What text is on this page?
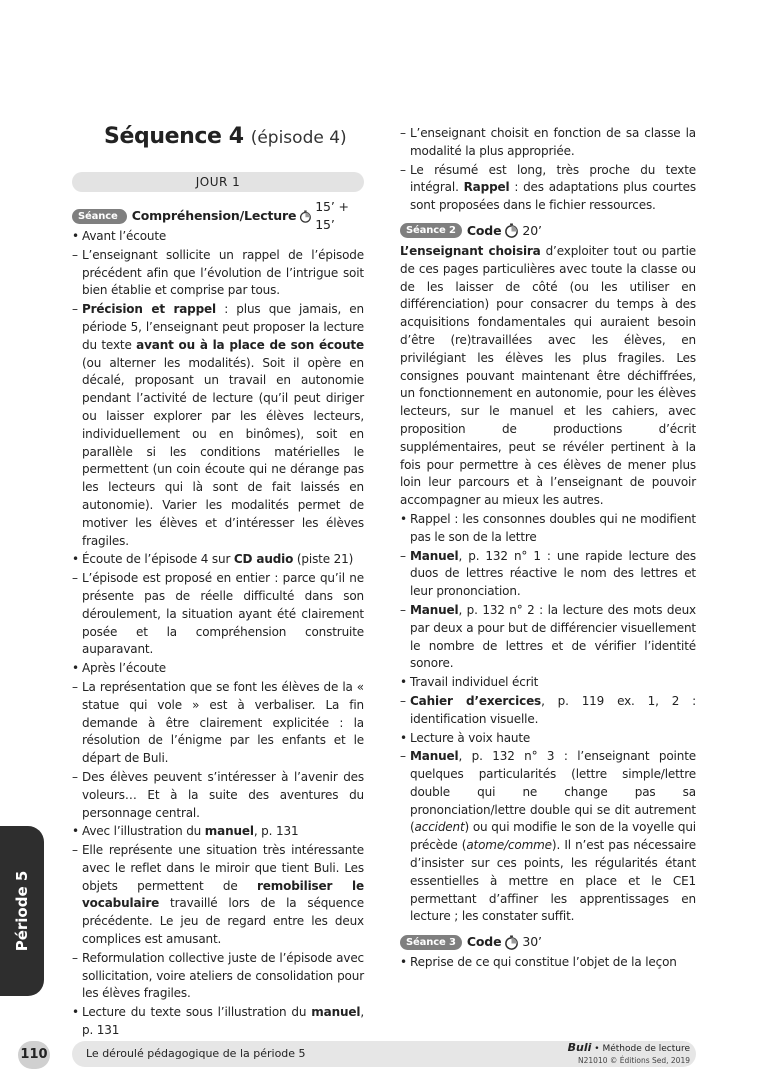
Séquence 4 (épisode 4)
JOUR 1
Séance 1
Compréhension/Lecture
15’ + 15’
• Avant l’écoute
– L’enseignant sollicite un rappel de l’épisode précédent afin que l’évolution de l’intrigue soit bien établie et comprise par tous.
– Précision et rappel : plus que jamais, en période 5, l’enseignant peut proposer la lecture du texte avant ou à la place de son écoute (ou alterner les modalités). Soit il opère en décalé, proposant un travail en autonomie pendant l’activité de lecture (qu’il peut diriger ou laisser explorer par les élèves lecteurs, individuellement ou en binômes), soit en parallèle si les conditions matérielles le permettent (un coin écoute qui ne dérange pas les lecteurs qui là sont de fait laissés en autonomie). Varier les modalités permet de motiver les élèves et d’intéresser les élèves fragiles.
• Écoute de l’épisode 4 sur CD audio (piste 21)
– L’épisode est proposé en entier : parce qu’il ne présente pas de réelle difficulté dans son déroulement, la situation ayant été clairement posée et la compréhension construite auparavant.
• Après l’écoute
– La représentation que se font les élèves de la « statue qui vole » est à verbaliser. La fin demande à être clairement explicitée : la résolution de l’énigme par les enfants et le départ de Buli.
– Des élèves peuvent s’intéresser à l’avenir des voleurs… Et à la suite des aventures du personnage central.
• Avec l’illustration du manuel, p. 131
– Elle représente une situation très intéressante avec le reflet dans le miroir que tient Buli. Les objets permettent de remobiliser le vocabulaire travaillé lors de la séquence précédente. Le jeu de regard entre les deux complices est amusant.
– Reformulation collective juste de l’épisode avec sollicitation, voire ateliers de consolidation pour les élèves fragiles.
• Lecture du texte sous l’illustration du manuel, p. 131
– L’enseignant choisit en fonction de sa classe la modalité la plus appropriée.
– Le résumé est long, très proche du texte intégral. Rappel : des adaptations plus courtes sont proposées dans le fichier ressources.
Séance 2 Code 20’

L’enseignant choisira d’exploiter tout ou partie de ces pages particulières avec toute la classe ou de les laisser de côté (ou les utiliser en différenciation) pour consacrer du temps à des acquisitions fondamentales qui auraient besoin d’être (re)travaillées avec les élèves, en privilégiant les élèves les plus fragiles. Les consignes pouvant maintenant être déchiffrées, un fonctionnement en autonomie, pour les élèves lecteurs, sur le manuel et les cahiers, avec proposition de productions d’écrit supplémentaires, peut se révéler pertinent à la fois pour permettre à ces élèves de mener plus loin leur parcours et à l’enseignant de pouvoir accompagner au mieux les autres.

• Rappel : les consonnes doubles qui ne modifient pas le son de la lettre
– Manuel, p. 132 n° 1 : une rapide lecture des duos de lettres réactive le nom des lettres et leur prononciation.
– Manuel, p. 132 n° 2 : la lecture des mots deux par deux a pour but de différencier visuellement le nombre de lettres et de vérifier l’identité sonore.
• Travail individuel écrit
– Cahier d’exercices, p. 119 ex. 1, 2 : identification visuelle.
• Lecture à voix haute
– Manuel, p. 132 n° 3 : l’enseignant pointe quelques particularités (lettre simple/lettre double qui ne change pas sa prononciation/lettre double qui se dit autrement (accident) ou qui modifie le son de la voyelle qui précède (atome/comme). Il n’est pas nécessaire d’insister sur ces points, les régularités étant essentielles à mettre en place et le CE1 permettant d’affiner les apprentissages en lecture ; les constater suffit.
Séance 3 Code 30’
• Reprise de ce qui constitue l’objet de la leçon
Période 5
110	Le déroulé pédagogique de la période 5	Buli • Méthode de lecture
N21010 © Éditions Sed, 2019
